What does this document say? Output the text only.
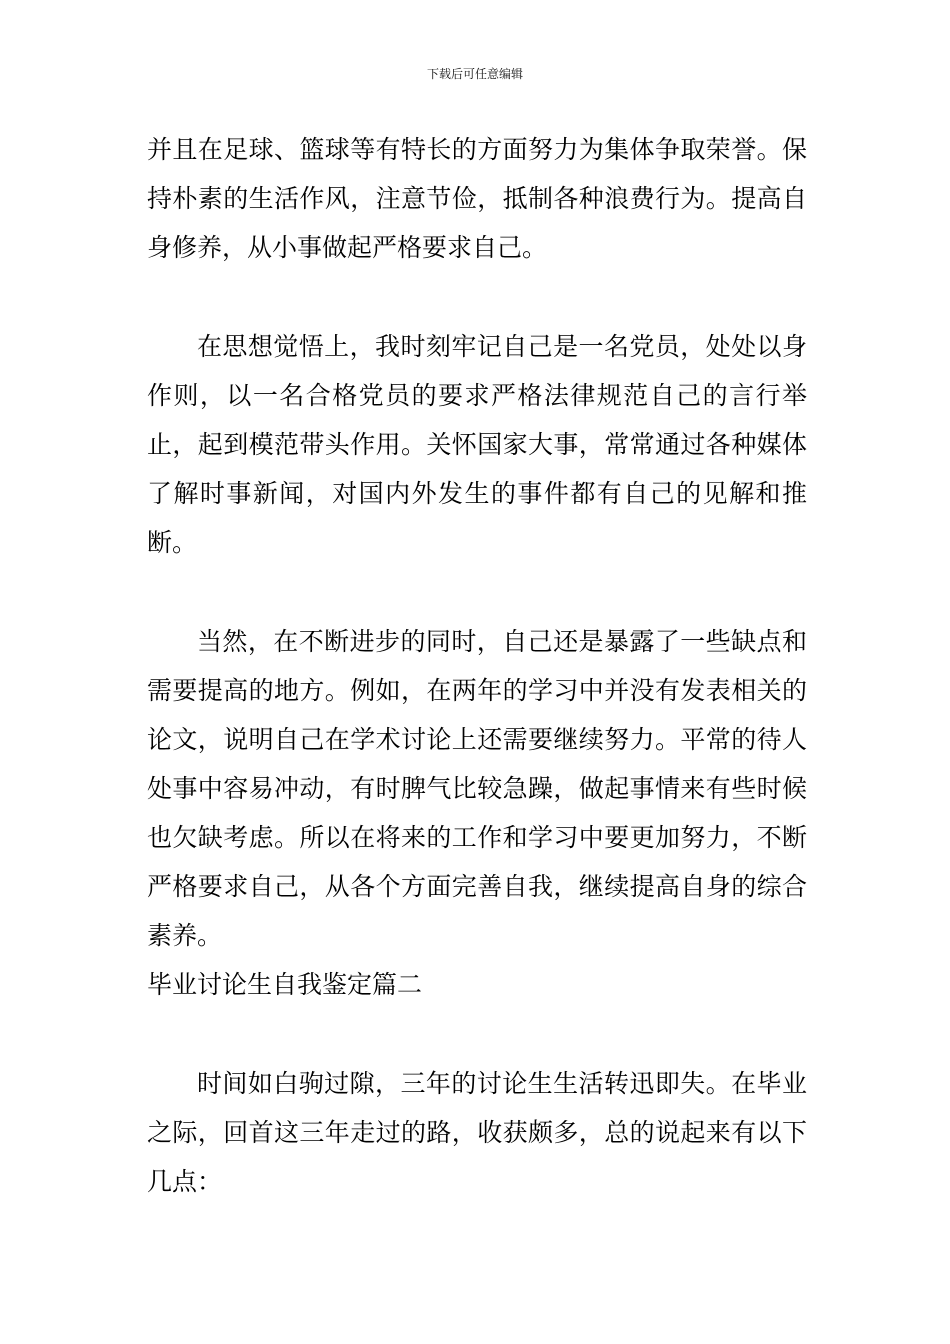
下载后可任意编辑

并且在足球、篮球等有特长的方面努力为集体争取荣誉。保持朴素的生活作风，注意节俭，抵制各种浪费行为。提高自身修养，从小事做起严格要求自己。

在思想觉悟上，我时刻牢记自己是一名党员，处处以身作则，以一名合格党员的要求严格法律规范自己的言行举止，起到模范带头作用。关怀国家大事，常常通过各种媒体了解时事新闻，对国内外发生的事件都有自己的见解和推断。

当然，在不断进步的同时，自己还是暴露了一些缺点和需要提高的地方。例如，在两年的学习中并没有发表相关的论文，说明自己在学术讨论上还需要继续努力。平常的待人处事中容易冲动，有时脾气比较急躁，做起事情来有些时候也欠缺考虑。所以在将来的工作和学习中要更加努力，不断严格要求自己，从各个方面完善自我，继续提高自身的综合素养。

毕业讨论生自我鉴定篇二

时间如白驹过隙，三年的讨论生生活转迅即失。在毕业之际，回首这三年走过的路，收获颇多，总的说起来有以下几点：
